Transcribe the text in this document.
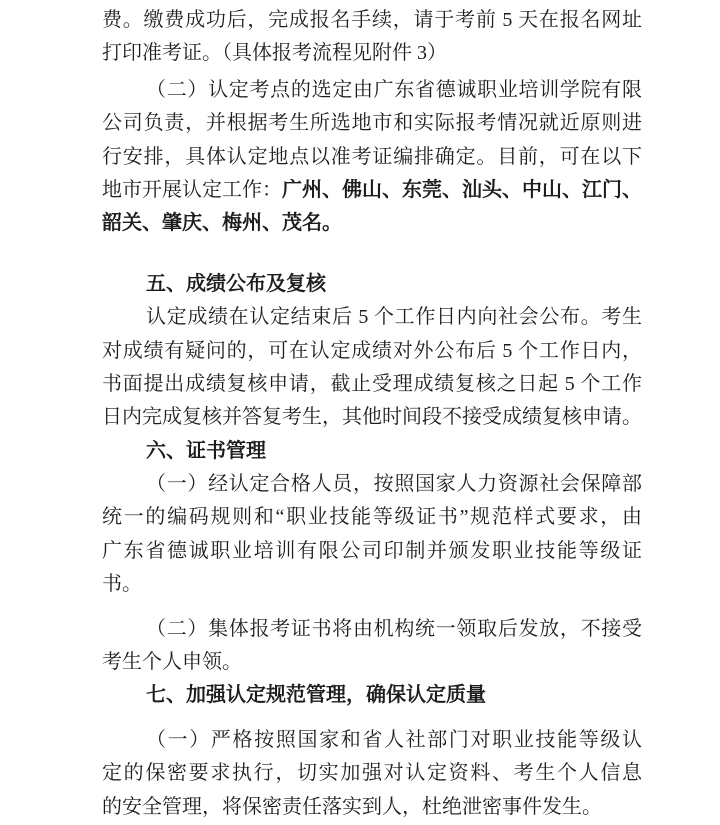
费。缴费成功后，完成报名手续，请于考前 5 天在报名网址
打印准考证。（具体报考流程见附件 3）
（二）认定考点的选定由广东省德诚职业培训学院有限
公司负责，并根据考生所选地市和实际报考情况就近原则进
行安排，具体认定地点以准考证编排确定。目前，可在以下
地市开展认定工作：广州、佛山、东莞、汕头、中山、江门、
韶关、肇庆、梅州、茂名。
五、成绩公布及复核
认定成绩在认定结束后 5 个工作日内向社会公布。考生
对成绩有疑问的，可在认定成绩对外公布后 5 个工作日内，
书面提出成绩复核申请，截止受理成绩复核之日起 5 个工作
日内完成复核并答复考生，其他时间段不接受成绩复核申请。
六、证书管理
（一）经认定合格人员，按照国家人力资源社会保障部
统一的编码规则和“职业技能等级证书”规范样式要求，由
广东省德诚职业培训有限公司印制并颁发职业技能等级证
书。
（二）集体报考证书将由机构统一领取后发放，不接受
考生个人申领。
七、加强认定规范管理，确保认定质量
（一）严格按照国家和省人社部门对职业技能等级认
定的保密要求执行，切实加强对认定资料、考生个人信息
的安全管理，将保密责任落实到人，杜绝泄密事件发生。
